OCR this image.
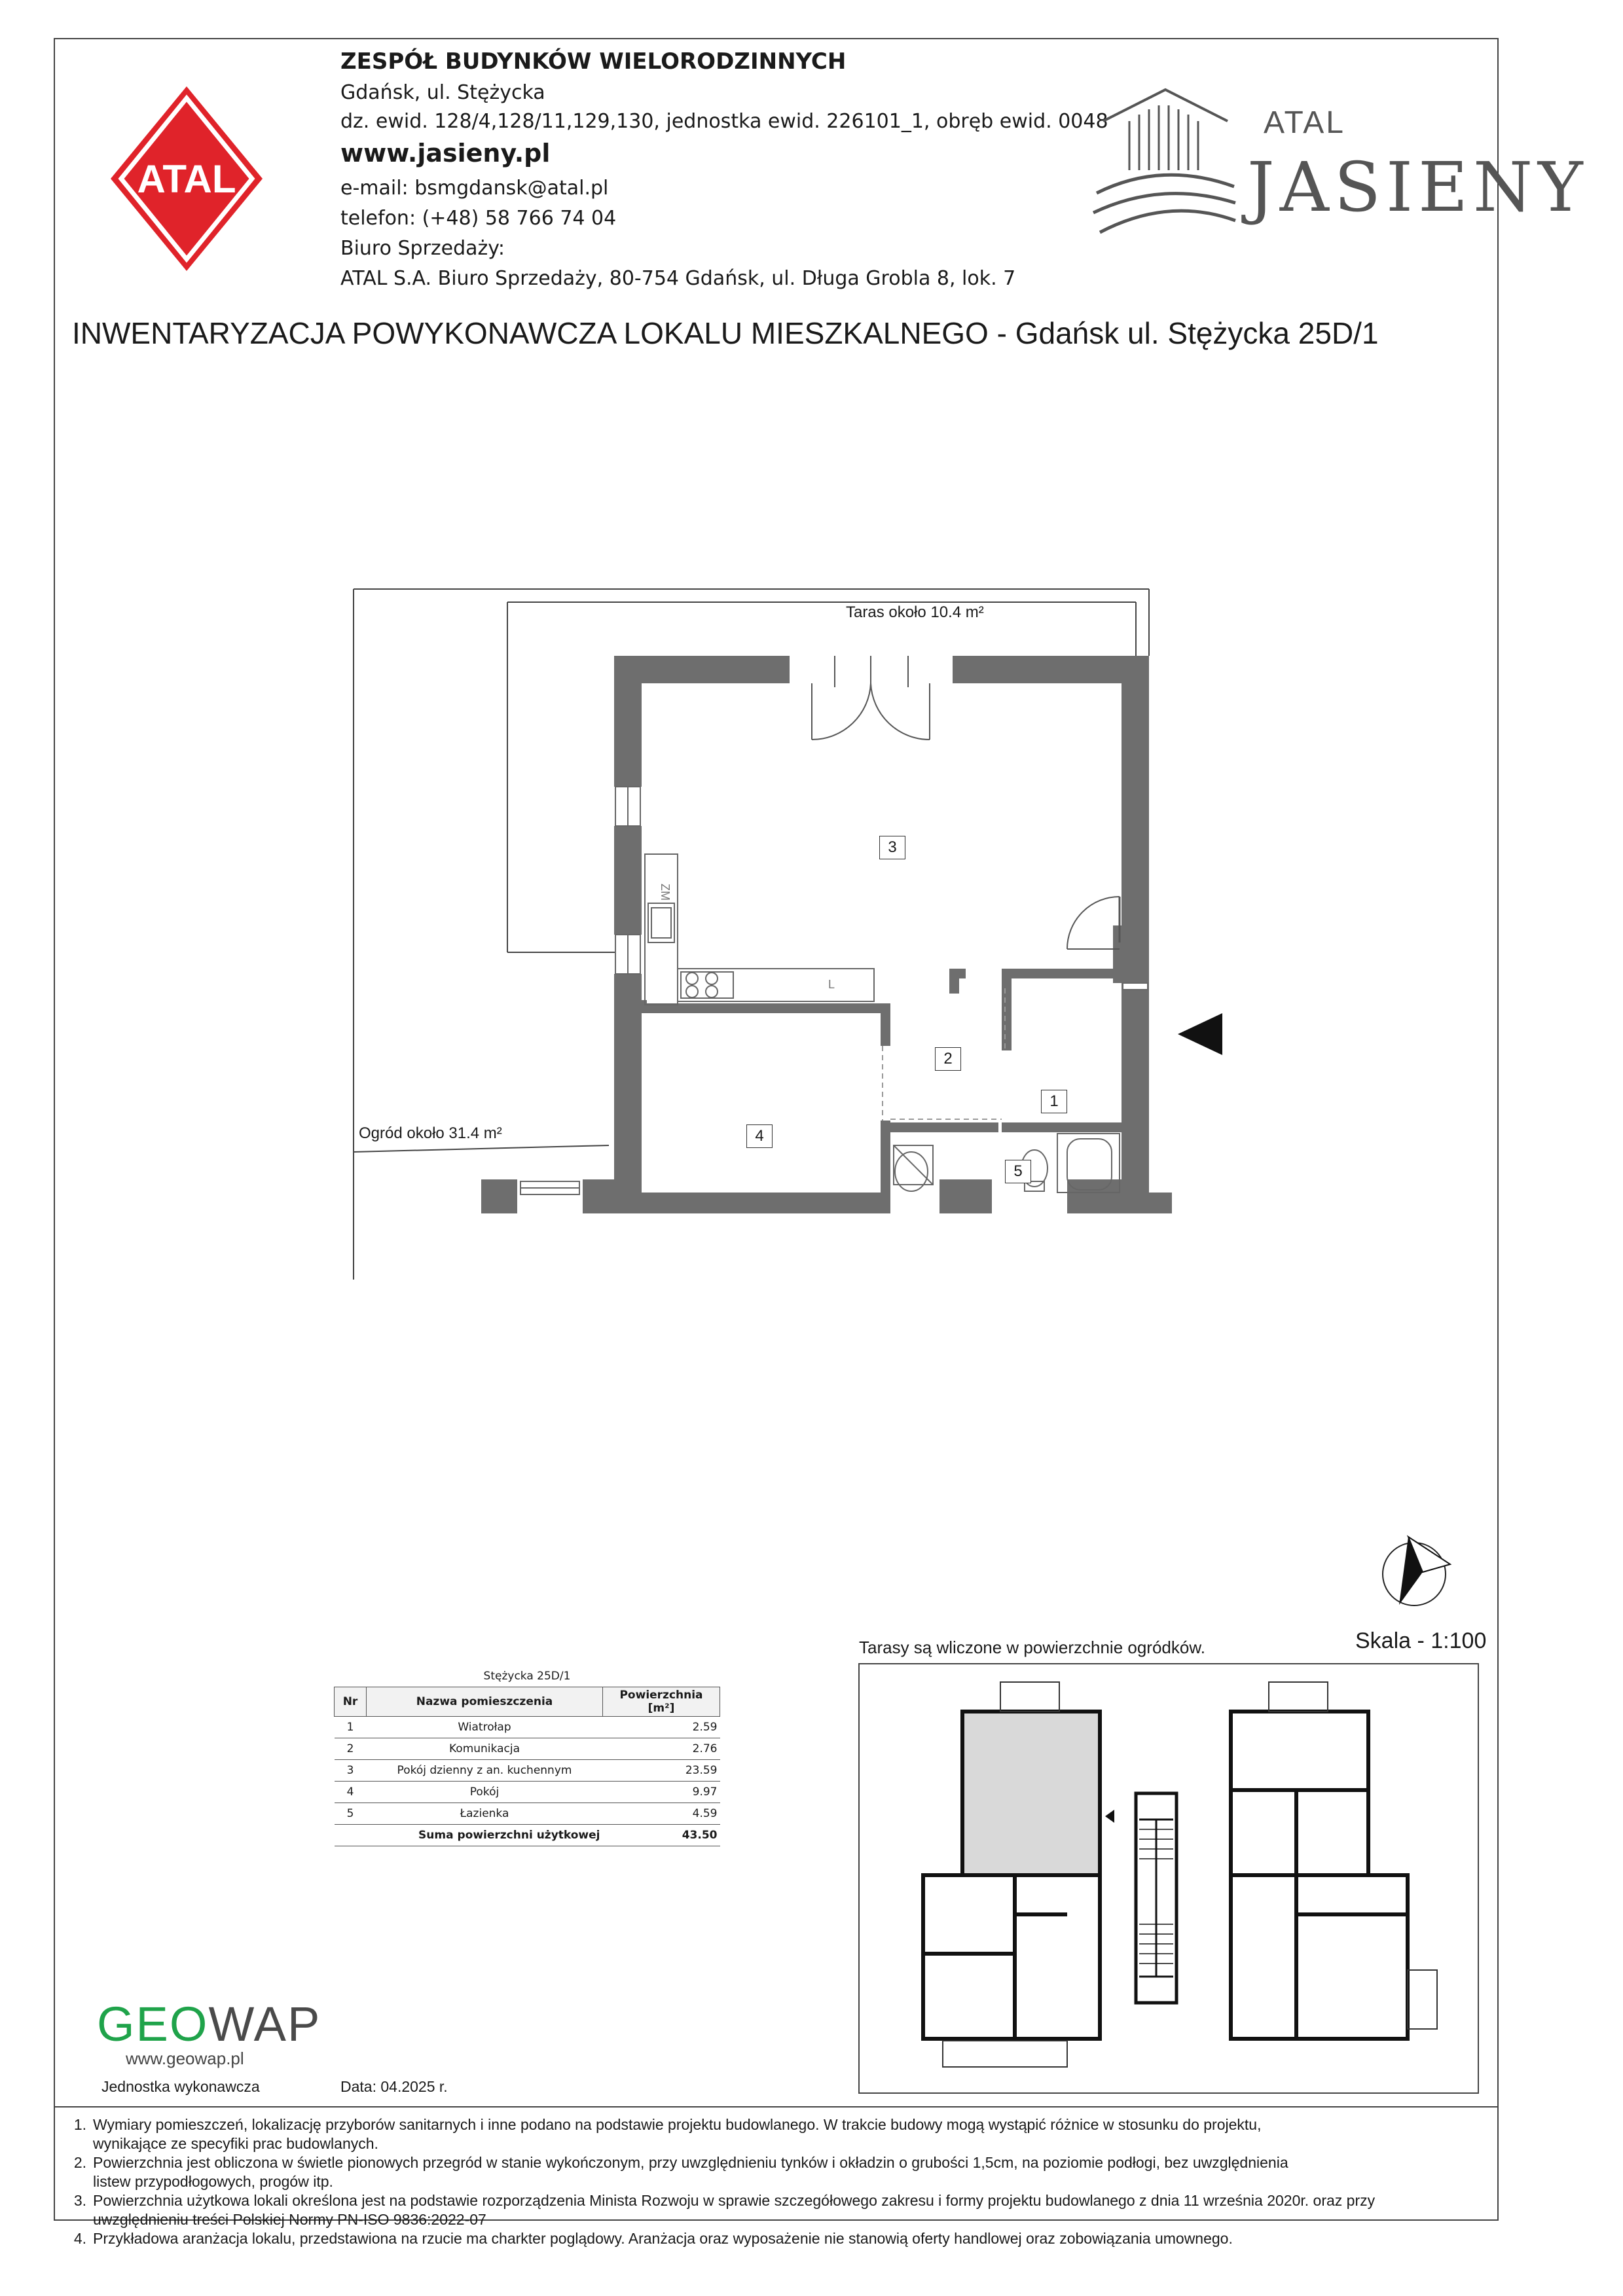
ATAL
ZESPÓŁ BUDYNKÓW WIELORODZINNYCH
Gdańsk, ul. Stężycka
dz. ewid. 128/4,128/11,129,130, jednostka ewid. 226101_1, obręb ewid. 0048
www.jasieny.pl
e-mail: bsmgdansk@atal.pl
telefon: (+48) 58 766 74 04
Biuro Sprzedaży:
ATAL S.A. Biuro Sprzedaży, 80-754 Gdańsk, ul. Długa Grobla 8, lok. 7
ATAL
JASIENY
INWENTARYZACJA POWYKONAWCZA LOKALU MIESZKALNEGO - Gdańsk ul. Stężycka 25D/1
ZM
L
Taras około 10.4 m²
Ogród około 31.4 m²
3
2
1
4
5
Skala - 1:100
Stężycka 25D/1		
Nr	Nazwa pomieszczenia	Powierzchnia [m²]
1	Wiatrołap	2.59
2	Komunikacja	2.76
3	Pokój dzienny z an. kuchennym	23.59
4	Pokój	9.97
5	Łazienka	4.59
	Suma powierzchni użytkowej	43.50
Tarasy są wliczone w powierzchnie ogródków.
GEOWAP
www.geowap.pl
Jednostka wykonawcza	Data: 04.2025 r.
1. Wymiary pomieszczeń, lokalizację przyborów sanitarnych i inne podano na podstawie projektu budowlanego. W trakcie budowy mogą wystąpić różnice w stosunku do projektu,
wynikające ze specyfiki prac budowlanych.
2. Powierzchnia jest obliczona w świetle pionowych przegród w stanie wykończonym, przy uwzględnieniu tynków i okładzin o grubości 1,5cm, na poziomie podłogi, bez uwzględnienia
listew przypodłogowych, progów itp.
3. Powierzchnia użytkowa lokali określona jest na podstawie rozporządzenia Minista Rozwoju w sprawie szczegółowego zakresu i formy projektu budowlanego z dnia 11 września 2020r. oraz przy
uwzględnieniu treści Polskiej Normy PN-ISO 9836:2022-07
4. Przykładowa aranżacja lokalu, przedstawiona na rzucie ma charkter poglądowy. Aranżacja oraz wyposażenie nie stanowią oferty handlowej oraz zobowiązania umownego.
